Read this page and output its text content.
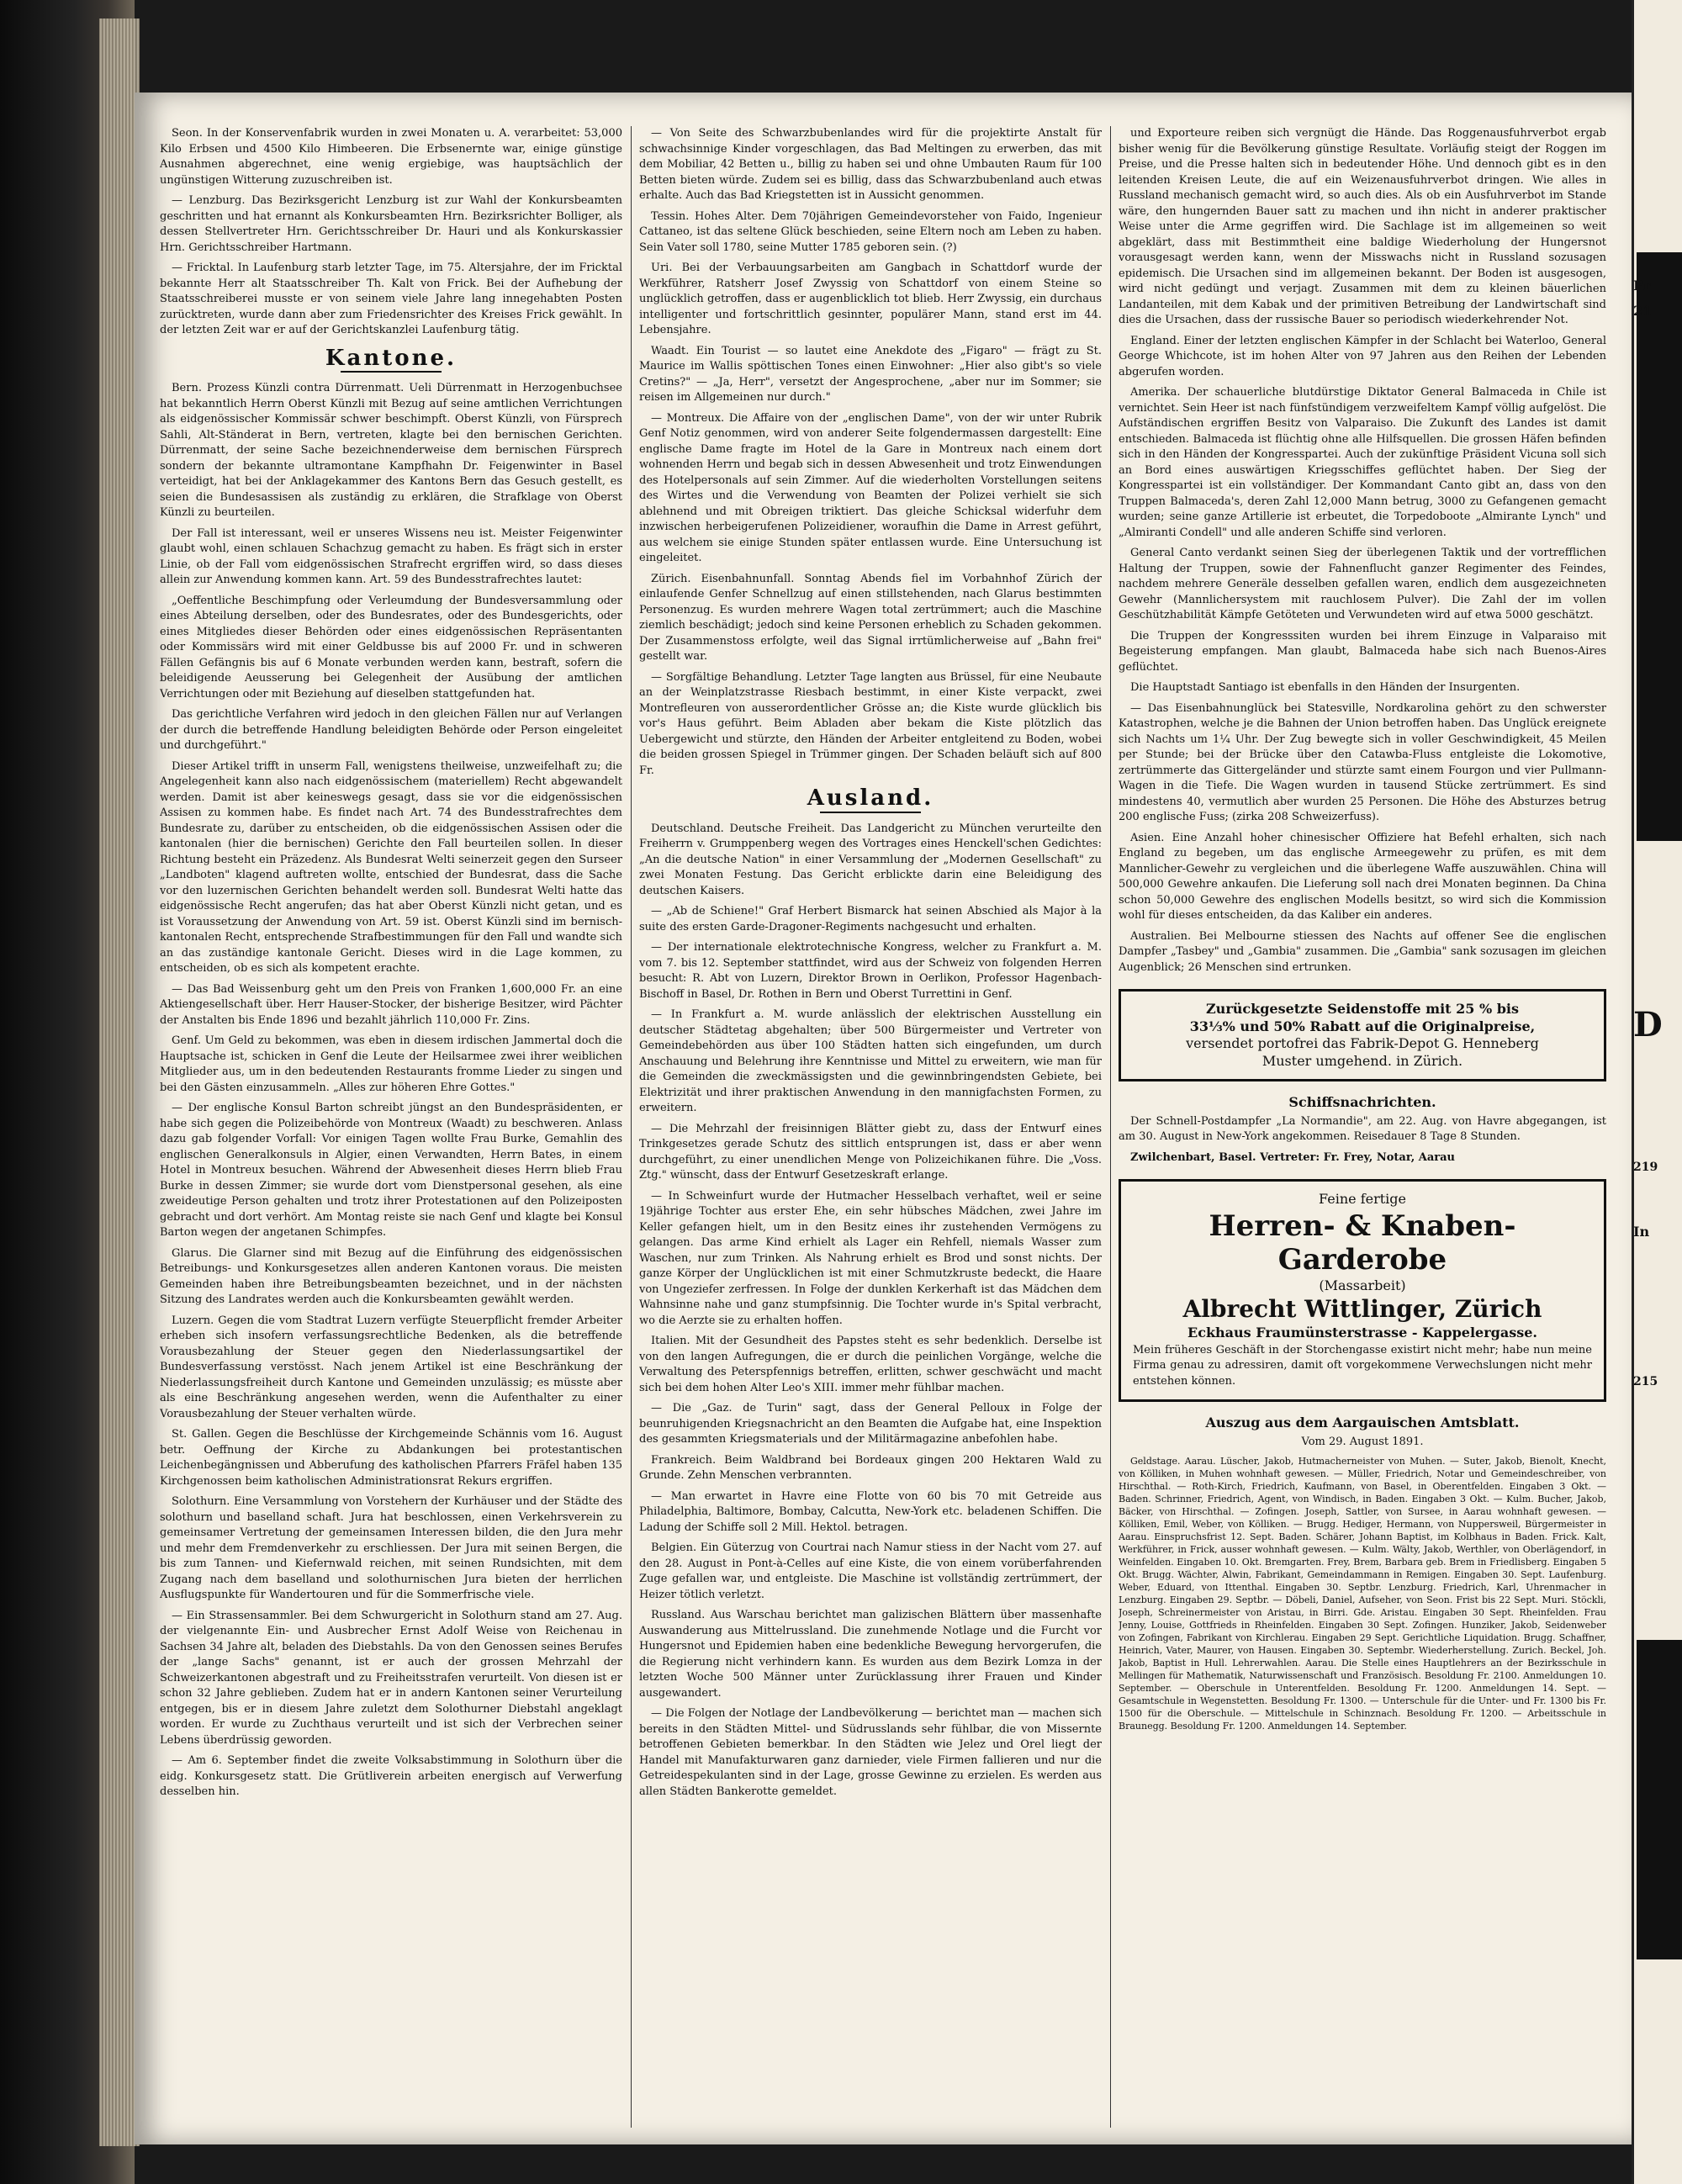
Seon. In der Konservenfabrik wurden in zwei Monaten u. A. verarbeitet: 53,000 Kilo Erbsen und 4500 Kilo Himbeeren. Die Erbsenernte war, einige günstige Ausnahmen abgerechnet, eine wenig ergiebige, was hauptsächlich der ungünstigen Witterung zuzuschreiben ist.

— Lenzburg. Das Bezirksgericht Lenzburg ist zur Wahl der Konkursbeamten geschritten und hat ernannt als Konkursbeamten Hrn. Bezirksrichter Bolliger, als dessen Stellvertreter Hrn. Gerichtsschreiber Dr. Hauri und als Konkurskassier Hrn. Gerichtsschreiber Hartmann.

— Fricktal. In Laufenburg starb letzter Tage, im 75. Altersjahre, der im Fricktal bekannte Herr alt Staatsschreiber Th. Kalt von Frick. Bei der Aufhebung der Staatsschreiberei musste er von seinem viele Jahre lang innegehabten Posten zurücktreten, wurde dann aber zum Friedensrichter des Kreises Frick gewählt. In der letzten Zeit war er auf der Gerichtskanzlei Laufenburg tätig.

Kantone.

Bern. Prozess Künzli contra Dürrenmatt. Ueli Dürrenmatt in Herzogenbuchsee hat bekanntlich Herrn Oberst Künzli mit Bezug auf seine amtlichen Verrichtungen als eidgenössischer Kommissär schwer beschimpft. Oberst Künzli, von Fürsprech Sahli, Alt-Ständerat in Bern, vertreten, klagte bei den bernischen Gerichten. Dürrenmatt, der seine Sache bezeichnenderweise dem bernischen Fürsprech sondern der bekannte ultramontane Kampfhahn Dr. Feigenwinter in Basel verteidigt, hat bei der Anklagekammer des Kantons Bern das Gesuch gestellt, es seien die Bundesassisen als zuständig zu erklären, die Strafklage von Oberst Künzli zu beurteilen.

Der Fall ist interessant, weil er unseres Wissens neu ist. Meister Feigenwinter glaubt wohl, einen schlauen Schachzug gemacht zu haben. Es frägt sich in erster Linie, ob der Fall vom eidgenössischen Strafrecht ergriffen wird, so dass dieses allein zur Anwendung kommen kann. Art. 59 des Bundesstrafrechtes lautet:

„Oeffentliche Beschimpfung oder Verleumdung der Bundesversammlung oder eines Abteilung derselben, oder des Bundesrates, oder des Bundesgerichts, oder eines Mitgliedes dieser Behörden oder eines eidgenössischen Repräsentanten oder Kommissärs wird mit einer Geldbusse bis auf 2000 Fr. und in schweren Fällen Gefängnis bis auf 6 Monate verbunden werden kann, bestraft, sofern die beleidigende Aeusserung bei Gelegenheit der Ausübung der amtlichen Verrichtungen oder mit Beziehung auf dieselben stattgefunden hat.

Das gerichtliche Verfahren wird jedoch in den gleichen Fällen nur auf Verlangen der durch die betreffende Handlung beleidigten Behörde oder Person eingeleitet und durchgeführt."

Dieser Artikel trifft in unserm Fall, wenigstens theilweise, unzweifelhaft zu; die Angelegenheit kann also nach eidgenössischem (materiellem) Recht abgewandelt werden. Damit ist aber keineswegs gesagt, dass sie vor die eidgenössischen Assisen zu kommen habe. Es findet nach Art. 74 des Bundesstrafrechtes dem Bundesrate zu, darüber zu entscheiden, ob die eidgenössischen Assisen oder die kantonalen (hier die bernischen) Gerichte den Fall beurteilen sollen. In dieser Richtung besteht ein Präzedenz. Als Bundesrat Welti seinerzeit gegen den Surseer „Landboten" klagend auftreten wollte, entschied der Bundesrat, dass die Sache vor den luzernischen Gerichten behandelt werden soll. Bundesrat Welti hatte das eidgenössische Recht angerufen; das hat aber Oberst Künzli nicht getan, und es ist Voraussetzung der Anwendung von Art. 59 ist. Oberst Künzli sind im bernisch-kantonalen Recht, entsprechende Strafbestimmungen für den Fall und wandte sich an das zuständige kantonale Gericht. Dieses wird in die Lage kommen, zu entscheiden, ob es sich als kompetent erachte.

— Das Bad Weissenburg geht um den Preis von Franken 1,600,000 Fr. an eine Aktiengesellschaft über. Herr Hauser-Stocker, der bisherige Besitzer, wird Pächter der Anstalten bis Ende 1896 und bezahlt jährlich 110,000 Fr. Zins.

Genf. Um Geld zu bekommen, was eben in diesem irdischen Jammertal doch die Hauptsache ist, schicken in Genf die Leute der Heilsarmee zwei ihrer weiblichen Mitglieder aus, um in den bedeutenden Restaurants fromme Lieder zu singen und bei den Gästen einzusammeln. „Alles zur höheren Ehre Gottes."

— Der englische Konsul Barton schreibt jüngst an den Bundespräsidenten, er habe sich gegen die Polizeibehörde von Montreux (Waadt) zu beschweren. Anlass dazu gab folgender Vorfall: Vor einigen Tagen wollte Frau Burke, Gemahlin des englischen Generalkonsuls in Algier, einen Verwandten, Herrn Bates, in einem Hotel in Montreux besuchen. Während der Abwesenheit dieses Herrn blieb Frau Burke in dessen Zimmer; sie wurde dort vom Dienstpersonal gesehen, als eine zweideutige Person gehalten und trotz ihrer Protestationen auf den Polizeiposten gebracht und dort verhört. Am Montag reiste sie nach Genf und klagte bei Konsul Barton wegen der angetanen Schimpfes.

Glarus. Die Glarner sind mit Bezug auf die Einführung des eidgenössischen Betreibungs- und Konkursgesetzes allen anderen Kantonen voraus. Die meisten Gemeinden haben ihre Betreibungsbeamten bezeichnet, und in der nächsten Sitzung des Landrates werden auch die Konkursbeamten gewählt werden.

Luzern. Gegen die vom Stadtrat Luzern verfügte Steuerpflicht fremder Arbeiter erheben sich insofern verfassungsrechtliche Bedenken, als die betreffende Vorausbezahlung der Steuer gegen den Niederlassungsartikel der Bundesverfassung verstösst. Nach jenem Artikel ist eine Beschränkung der Niederlassungsfreiheit durch Kantone und Gemeinden unzulässig; es müsste aber als eine Beschränkung angesehen werden, wenn die Aufenthalter zu einer Vorausbezahlung der Steuer verhalten würde.

St. Gallen. Gegen die Beschlüsse der Kirchgemeinde Schännis vom 16. August betr. Oeffnung der Kirche zu Abdankungen bei protestantischen Leichenbegängnissen und Abberufung des katholischen Pfarrers Fräfel haben 135 Kirchgenossen beim katholischen Administrationsrat Rekurs ergriffen.

Solothurn. Eine Versammlung von Vorstehern der Kurhäuser und der Städte des solothurn und baselland schaft. Jura hat beschlossen, einen Verkehrsverein zu gemeinsamer Vertretung der gemeinsamen Interessen bilden, die den Jura mehr und mehr dem Fremdenverkehr zu erschliessen. Der Jura mit seinen Bergen, die bis zum Tannen- und Kiefernwald reichen, mit seinen Rundsichten, mit dem Zugang nach dem baselland und solothurnischen Jura bieten der herrlichen Ausflugspunkte für Wandertouren und für die Sommerfrische viele.

— Ein Strassensammler. Bei dem Schwurgericht in Solothurn stand am 27. Aug. der vielgenannte Ein- und Ausbrecher Ernst Adolf Weise von Reichenau in Sachsen 34 Jahre alt, beladen des Diebstahls. Da von den Genossen seines Berufes der „lange Sachs" genannt, ist er auch der grossen Mehrzahl der Schweizerkantonen abgestraft und zu Freiheitsstrafen verurteilt. Von diesen ist er schon 32 Jahre geblieben. Zudem hat er in andern Kantonen seiner Verurteilung entgegen, bis er in diesem Jahre zuletzt dem Solothurner Diebstahl angeklagt worden. Er wurde zu Zuchthaus verurteilt und ist sich der Verbrechen seiner Lebens überdrüssig geworden.

— Am 6. September findet die zweite Volksabstimmung in Solothurn über die eidg. Konkursgesetz statt. Die Grütliverein arbeiten energisch auf Verwerfung desselben hin.

— Von Seite des Schwarzbubenlandes wird für die projektirte Anstalt für schwachsinnige Kinder vorgeschlagen, das Bad Meltingen zu erwerben, das mit dem Mobiliar, 42 Betten u., billig zu haben sei und ohne Umbauten Raum für 100 Betten bieten würde. Zudem sei es billig, dass das Schwarzbubenland auch etwas erhalte. Auch das Bad Kriegstetten ist in Aussicht genommen.

Tessin. Hohes Alter. Dem 70jährigen Gemeindevorsteher von Faido, Ingenieur Cattaneo, ist das seltene Glück beschieden, seine Eltern noch am Leben zu haben. Sein Vater soll 1780, seine Mutter 1785 geboren sein. (?)

Uri. Bei der Verbauungsarbeiten am Gangbach in Schattdorf wurde der Werkführer, Ratsherr Josef Zwyssig von Schattdorf von einem Steine so unglücklich getroffen, dass er augenblicklich tot blieb. Herr Zwyssig, ein durchaus intelligenter und fortschrittlich gesinnter, populärer Mann, stand erst im 44. Lebensjahre.

Waadt. Ein Tourist — so lautet eine Anekdote des „Figaro" — frägt zu St. Maurice im Wallis spöttischen Tones einen Einwohner: „Hier also gibt's so viele Cretins?" — „Ja, Herr", versetzt der Angesprochene, „aber nur im Sommer; sie reisen im Allgemeinen nur durch."

— Montreux. Die Affaire von der „englischen Dame", von der wir unter Rubrik Genf Notiz genommen, wird von anderer Seite folgendermassen dargestellt: Eine englische Dame fragte im Hotel de la Gare in Montreux nach einem dort wohnenden Herrn und begab sich in dessen Abwesenheit und trotz Einwendungen des Hotelpersonals auf sein Zimmer. Auf die wiederholten Vorstellungen seitens des Wirtes und die Verwendung von Beamten der Polizei verhielt sie sich ablehnend und mit Obreigen triktiert. Das gleiche Schicksal widerfuhr dem inzwischen herbeigerufenen Polizeidiener, woraufhin die Dame in Arrest geführt, aus welchem sie einige Stunden später entlassen wurde. Eine Untersuchung ist eingeleitet.

Zürich. Eisenbahnunfall. Sonntag Abends fiel im Vorbahnhof Zürich der einlaufende Genfer Schnellzug auf einen stillstehenden, nach Glarus bestimmten Personenzug. Es wurden mehrere Wagen total zertrümmert; auch die Maschine ziemlich beschädigt; jedoch sind keine Personen erheblich zu Schaden gekommen. Der Zusammenstoss erfolgte, weil das Signal irrtümlicherweise auf „Bahn frei" gestellt war.

— Sorgfältige Behandlung. Letzter Tage langten aus Brüssel, für eine Neubaute an der Weinplatzstrasse Riesbach bestimmt, in einer Kiste verpackt, zwei Montrefleuren von ausserordentlicher Grösse an; die Kiste wurde glücklich bis vor's Haus geführt. Beim Abladen aber bekam die Kiste plötzlich das Uebergewicht und stürzte, den Händen der Arbeiter entgleitend zu Boden, wobei die beiden grossen Spiegel in Trümmer gingen. Der Schaden beläuft sich auf 800 Fr.

Ausland.

Deutschland. Deutsche Freiheit. Das Landgericht zu München verurteilte den Freiherrn v. Grumppenberg wegen des Vortrages eines Henckell'schen Gedichtes: „An die deutsche Nation" in einer Versammlung der „Modernen Gesellschaft" zu zwei Monaten Festung. Das Gericht erblickte darin eine Beleidigung des deutschen Kaisers.

— „Ab de Schiene!" Graf Herbert Bismarck hat seinen Abschied als Major à la suite des ersten Garde-Dragoner-Regiments nachgesucht und erhalten.

— Der internationale elektrotechnische Kongress, welcher zu Frankfurt a. M. vom 7. bis 12. September stattfindet, wird aus der Schweiz von folgenden Herren besucht: R. Abt von Luzern, Direktor Brown in Oerlikon, Professor Hagenbach-Bischoff in Basel, Dr. Rothen in Bern und Oberst Turrettini in Genf.

— In Frankfurt a. M. wurde anlässlich der elektrischen Ausstellung ein deutscher Städtetag abgehalten; über 500 Bürgermeister und Vertreter von Gemeindebehörden aus über 100 Städten hatten sich eingefunden, um durch Anschauung und Belehrung ihre Kenntnisse und Mittel zu erweitern, wie man für die Gemeinden die zweckmässigsten und die gewinnbringendsten Gebiete, bei Elektrizität und ihrer praktischen Anwendung in den mannigfachsten Formen, zu erweitern.

— Die Mehrzahl der freisinnigen Blätter giebt zu, dass der Entwurf eines Trinkgesetzes gerade Schutz des sittlich entsprungen ist, dass er aber wenn durchgeführt, zu einer unendlichen Menge von Polizeichikanen führe. Die „Voss. Ztg." wünscht, dass der Entwurf Gesetzeskraft erlange.

— In Schweinfurt wurde der Hutmacher Hesselbach verhaftet, weil er seine 19jährige Tochter aus erster Ehe, ein sehr hübsches Mädchen, zwei Jahre im Keller gefangen hielt, um in den Besitz eines ihr zustehenden Vermögens zu gelangen. Das arme Kind erhielt als Lager ein Rehfell, niemals Wasser zum Waschen, nur zum Trinken. Als Nahrung erhielt es Brod und sonst nichts. Der ganze Körper der Unglücklichen ist mit einer Schmutzkruste bedeckt, die Haare von Ungeziefer zerfressen. In Folge der dunklen Kerkerhaft ist das Mädchen dem Wahnsinne nahe und ganz stumpfsinnig. Die Tochter wurde in's Spital verbracht, wo die Aerzte sie zu erhalten hoffen.

Italien. Mit der Gesundheit des Papstes steht es sehr bedenklich. Derselbe ist von den langen Aufregungen, die er durch die peinlichen Vorgänge, welche die Verwaltung des Peterspfennigs betreffen, erlitten, schwer geschwächt und macht sich bei dem hohen Alter Leo's XIII. immer mehr fühlbar machen.

— Die „Gaz. de Turin" sagt, dass der General Pelloux in Folge der beunruhigenden Kriegsnachricht an den Beamten die Aufgabe hat, eine Inspektion des gesammten Kriegsmaterials und der Militärmagazine anbefohlen habe.

Frankreich. Beim Waldbrand bei Bordeaux gingen 200 Hektaren Wald zu Grunde. Zehn Menschen verbrannten.

— Man erwartet in Havre eine Flotte von 60 bis 70 mit Getreide aus Philadelphia, Baltimore, Bombay, Calcutta, New-York etc. beladenen Schiffen. Die Ladung der Schiffe soll 2 Mill. Hektol. betragen.

Belgien. Ein Güterzug von Courtrai nach Namur stiess in der Nacht vom 27. auf den 28. August in Pont-à-Celles auf eine Kiste, die von einem vorüberfahrenden Zuge gefallen war, und entgleiste. Die Maschine ist vollständig zertrümmert, der Heizer tötlich verletzt.

Russland. Aus Warschau berichtet man galizischen Blättern über massenhafte Auswanderung aus Mittelrussland. Die zunehmende Notlage und die Furcht vor Hungersnot und Epidemien haben eine bedenkliche Bewegung hervorgerufen, die die Regierung nicht verhindern kann. Es wurden aus dem Bezirk Lomza in der letzten Woche 500 Männer unter Zurücklassung ihrer Frauen und Kinder ausgewandert.

— Die Folgen der Notlage der Landbevölkerung — berichtet man — machen sich bereits in den Städten Mittel- und Südrusslands sehr fühlbar, die von Missernte betroffenen Gebieten bemerkbar. In den Städten wie Jelez und Orel liegt der Handel mit Manufakturwaren ganz darnieder, viele Firmen fallieren und nur die Getreidespekulanten sind in der Lage, grosse Gewinne zu erzielen. Es werden aus allen Städten Bankerotte gemeldet.

und Exporteure reiben sich vergnügt die Hände. Das Roggenausfuhrverbot ergab bisher wenig für die Bevölkerung günstige Resultate. Vorläufig steigt der Roggen im Preise, und die Presse halten sich in bedeutender Höhe. Und dennoch gibt es in den leitenden Kreisen Leute, die auf ein Weizenausfuhrverbot dringen. Wie alles in Russland mechanisch gemacht wird, so auch dies. Als ob ein Ausfuhrverbot im Stande wäre, den hungernden Bauer satt zu machen und ihn nicht in anderer praktischer Weise unter die Arme gegriffen wird. Die Sachlage ist im allgemeinen so weit abgeklärt, dass mit Bestimmtheit eine baldige Wiederholung der Hungersnot vorausgesagt werden kann, wenn der Misswachs nicht in Russland sozusagen epidemisch. Die Ursachen sind im allgemeinen bekannt. Der Boden ist ausgesogen, wird nicht gedüngt und verjagt. Zusammen mit dem zu kleinen bäuerlichen Landanteilen, mit dem Kabak und der primitiven Betreibung der Landwirtschaft sind dies die Ursachen, dass der russische Bauer so periodisch wiederkehrender Not.

England. Einer der letzten englischen Kämpfer in der Schlacht bei Waterloo, General George Whichcote, ist im hohen Alter von 97 Jahren aus den Reihen der Lebenden abgerufen worden.

Amerika. Der schauerliche blutdürstige Diktator General Balmaceda in Chile ist vernichtet. Sein Heer ist nach fünfstündigem verzweifeltem Kampf völlig aufgelöst. Die Aufständischen ergriffen Besitz von Valparaiso. Die Zukunft des Landes ist damit entschieden. Balmaceda ist flüchtig ohne alle Hilfsquellen. Die grossen Häfen befinden sich in den Händen der Kongresspartei. Auch der zukünftige Präsident Vicuna soll sich an Bord eines auswärtigen Kriegsschiffes geflüchtet haben. Der Sieg der Kongresspartei ist ein vollständiger. Der Kommandant Canto gibt an, dass von den Truppen Balmaceda's, deren Zahl 12,000 Mann betrug, 3000 zu Gefangenen gemacht wurden; seine ganze Artillerie ist erbeutet, die Torpedoboote „Almirante Lynch" und „Almiranti Condell" und alle anderen Schiffe sind verloren.

General Canto verdankt seinen Sieg der überlegenen Taktik und der vortrefflichen Haltung der Truppen, sowie der Fahnenflucht ganzer Regimenter des Feindes, nachdem mehrere Generäle desselben gefallen waren, endlich dem ausgezeichneten Gewehr (Mannlichersystem mit rauchlosem Pulver). Die Zahl der im vollen Geschützhabilität Kämpfe Getöteten und Verwundeten wird auf etwa 5000 geschätzt.

Die Truppen der Kongresssiten wurden bei ihrem Einzuge in Valparaiso mit Begeisterung empfangen. Man glaubt, Balmaceda habe sich nach Buenos-Aires geflüchtet.

Die Hauptstadt Santiago ist ebenfalls in den Händen der Insurgenten.

— Das Eisenbahnunglück bei Statesville, Nordkarolina gehört zu den schwerster Katastrophen, welche je die Bahnen der Union betroffen haben. Das Unglück ereignete sich Nachts um 1¼ Uhr. Der Zug bewegte sich in voller Geschwindigkeit, 45 Meilen per Stunde; bei der Brücke über den Catawba-Fluss entgleiste die Lokomotive, zertrümmerte das Gittergeländer und stürzte samt einem Fourgon und vier Pullmann-Wagen in die Tiefe. Die Wagen wurden in tausend Stücke zertrümmert. Es sind mindestens 40, vermutlich aber wurden 25 Personen. Die Höhe des Absturzes betrug 200 englische Fuss; (zirka 208 Schweizerfuss).

Asien. Eine Anzahl hoher chinesischer Offiziere hat Befehl erhalten, sich nach England zu begeben, um das englische Armeegewehr zu prüfen, es mit dem Mannlicher-Gewehr zu vergleichen und die überlegene Waffe auszuwählen. China will 500,000 Gewehre ankaufen. Die Lieferung soll nach drei Monaten beginnen. Da China schon 50,000 Gewehre des englischen Modells besitzt, so wird sich die Kommission wohl für dieses entscheiden, da das Kaliber ein anderes.

Australien. Bei Melbourne stiessen des Nachts auf offener See die englischen Dampfer „Tasbey" und „Gambia" zusammen. Die „Gambia" sank sozusagen im gleichen Augenblick; 26 Menschen sind ertrunken.

Zurückgesetzte Seidenstoffe mit 25 % bis

33⅓% und 50% Rabatt auf die Originalpreise,

versendet portofrei das Fabrik-Depot G. Henneberg

Muster umgehend. in Zürich.

Schiffsnachrichten.

Der Schnell-Postdampfer „La Normandie", am 22. Aug. von Havre abgegangen, ist am 30. August in New-York angekommen. Reisedauer 8 Tage 8 Stunden.

Zwilchenbart, Basel. Vertreter: Fr. Frey, Notar, Aarau

Feine fertige

Herren- & Knaben-Garderobe

(Massarbeit)

Albrecht Wittlinger, Zürich

Eckhaus Fraumünsterstrasse - Kappelergasse.

Mein früheres Geschäft in der Storchengasse existirt nicht mehr; habe nun meine Firma genau zu adressiren, damit oft vorgekommene Verwechslungen nicht mehr entstehen können.

Auszug aus dem Aargauischen Amtsblatt.

Vom 29. August 1891.

Geldstage. Aarau. Lüscher, Jakob, Hutmacherneister von Muhen. — Suter, Jakob, Bienolt, Knecht, von Kölliken, in Muhen wohnhaft gewesen. — Müller, Friedrich, Notar und Gemeindeschreiber, von Hirschthal. — Roth-Kirch, Friedrich, Kaufmann, von Basel, in Oberentfelden. Eingaben 3 Okt. — Baden. Schrinner, Friedrich, Agent, von Windisch, in Baden. Eingaben 3 Okt. — Kulm. Bucher, Jakob, Bäcker, von Hirschthal. — Zofingen. Joseph, Sattler, von Sursee, in Aarau wohnhaft gewesen. — Kölliken, Emil, Weber, von Kölliken. — Brugg. Hediger, Hermann, von Nuppersweil, Bürgermeister in Aarau. Einspruchsfrist 12. Sept. Baden. Schärer, Johann Baptist, im Kolbhaus in Baden. Frick. Kalt, Werkführer, in Frick, ausser wohnhaft gewesen. — Kulm. Wälty, Jakob, Werthler, von Oberlägendorf, in Weinfelden. Eingaben 10. Okt. Bremgarten. Frey, Brem, Barbara geb. Brem in Friedlisberg. Eingaben 5 Okt. Brugg. Wächter, Alwin, Fabrikant, Gemeindammann in Remigen. Eingaben 30. Sept. Laufenburg. Weber, Eduard, von Ittenthal. Eingaben 30. Septbr. Lenzburg. Friedrich, Karl, Uhrenmacher in Lenzburg. Eingaben 29. Septbr. — Döbeli, Daniel, Aufseher, von Seon. Frist bis 22 Sept. Muri. Stöckli, Joseph, Schreinermeister von Aristau, in Birri. Gde. Aristau. Eingaben 30 Sept. Rheinfelden. Frau Jenny, Louise, Gottfrieds in Rheinfelden. Eingaben 30 Sept. Zofingen. Hunziker, Jakob, Seidenweber von Zofingen, Fabrikant von Kirchlerau. Eingaben 29 Sept. Gerichtliche Liquidation. Brugg. Schaffner, Heinrich, Vater, Maurer, von Hausen. Eingaben 30. Septembr. Wiederherstellung. Zurich. Beckel, Joh. Jakob, Baptist in Hull. Lehrerwahlen. Aarau. Die Stelle eines Hauptlehrers an der Bezirksschule in Mellingen für Mathematik, Naturwissenschaft und Französisch. Besoldung Fr. 2100. Anmeldungen 10. September. — Oberschule in Unterentfelden. Besoldung Fr. 1200. Anmeldungen 14. Sept. — Gesamtschule in Wegenstetten. Besoldung Fr. 1300. — Unterschule für die Unter- und Fr. 1300 bis Fr. 1500 für die Oberschule. — Mittelschule in Schinznach. Besoldung Fr. 1200. — Arbeitsschule in Braunegg. Besoldung Fr. 1200. Anmeldungen 14. September.

Pr
21
D
219
In
215
